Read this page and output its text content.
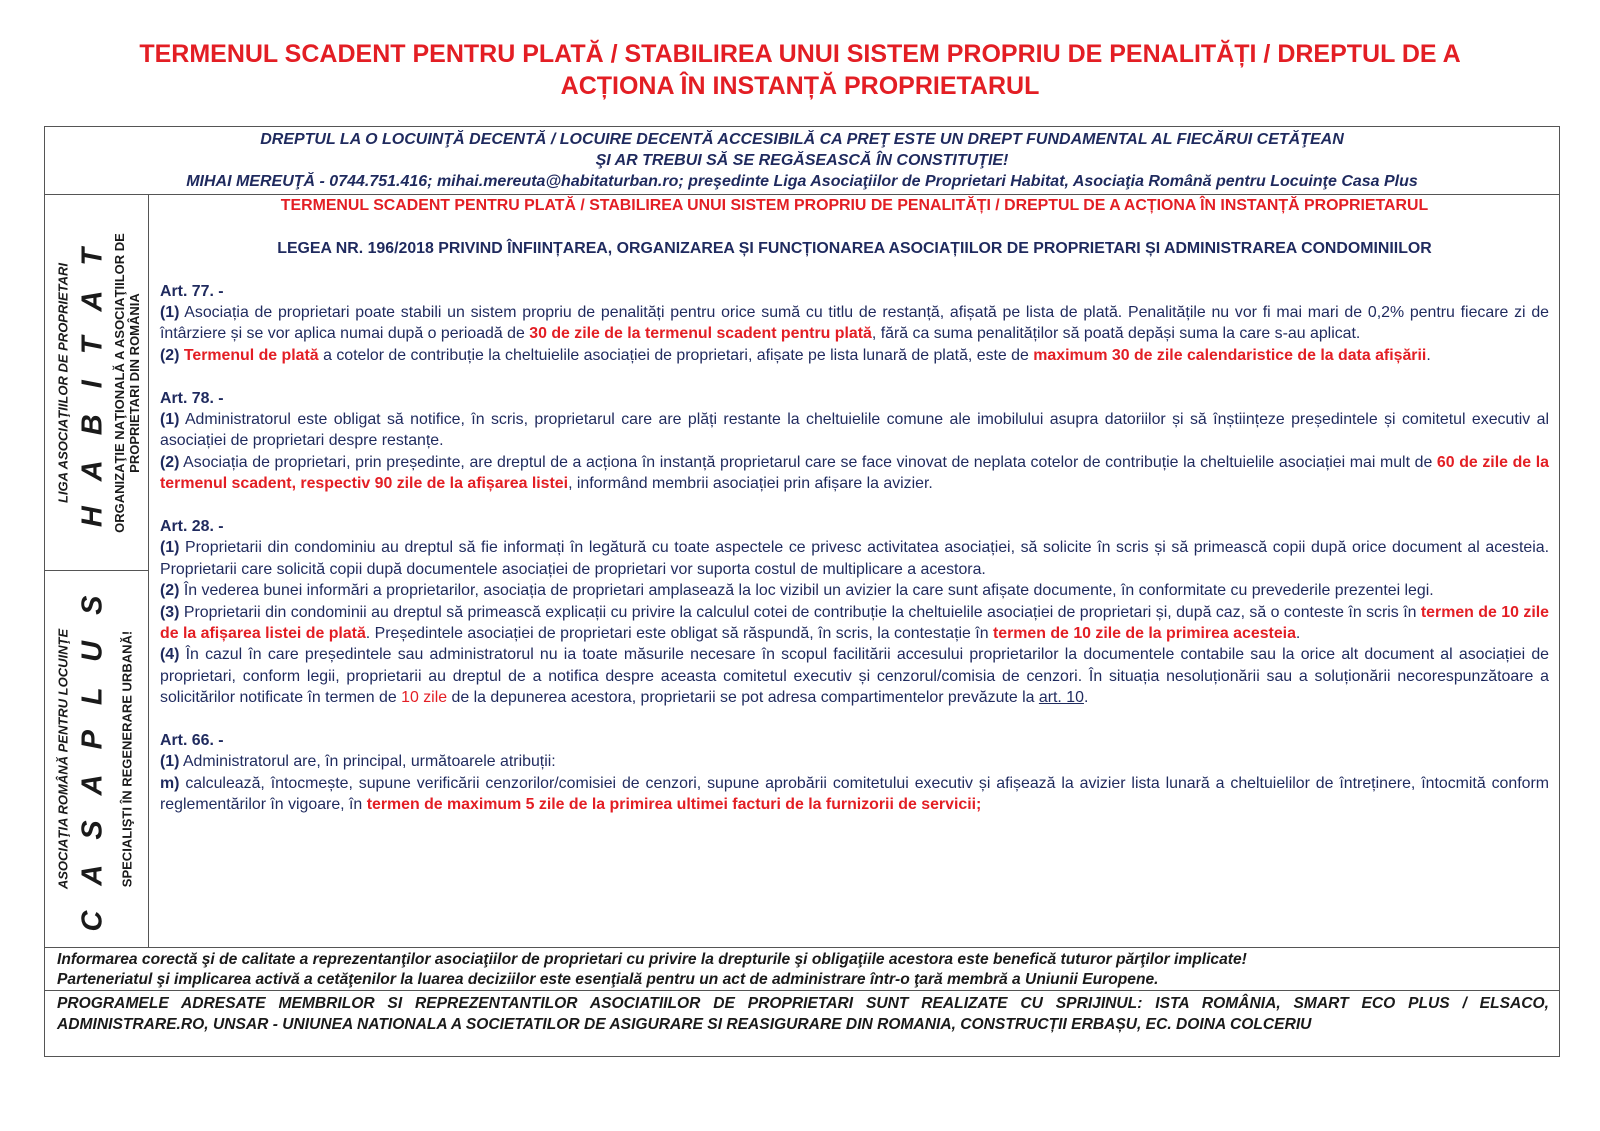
TERMENUL SCADENT PENTRU PLATĂ / STABILIREA UNUI SISTEM PROPRIU DE PENALITĂȚI / DREPTUL DE A
ACȚIONA ÎN INSTANȚĂ PROPRIETARUL
DREPTUL LA O LOCUINŢĂ DECENTĂ / LOCUIRE DECENTĂ ACCESIBILĂ CA PREŢ ESTE UN DREPT FUNDAMENTAL AL FIECĂRUI CETĂŢEAN
ŞI AR TREBUI SĂ SE REGĂSEASCĂ ÎN CONSTITUŢIE!
MIHAI MEREUŢĂ - 0744.751.416; mihai.mereuta@habitaturban.ro; preşedinte Liga Asociaţiilor de Proprietari Habitat, Asociaţia Română pentru Locuinţe Casa Plus
LIGA ASOCIAŢIILOR DE PROPRIETARI H A B I T A T ORGANIZAŢIE NAŢIONALĂ A ASOCIAŢIILOR DE PROPRIETARI DIN ROMÂNIA
ASOCIAŢIA ROMÂNĂ PENTRU LOCUINŢE C A S A P L U S SPECIALIŞTI ÎN REGENERARE URBANĂ!

TERMENUL SCADENT PENTRU PLATĂ / STABILIREA UNUI SISTEM PROPRIU DE PENALITĂȚI / DREPTUL DE A ACȚIONA ÎN INSTANȚĂ PROPRIETARUL

LEGEA NR. 196/2018 PRIVIND ÎNFIINȚAREA, ORGANIZAREA ȘI FUNCȚIONAREA ASOCIAȚIILOR DE PROPRIETARI ȘI ADMINISTRAREA CONDOMINIILOR

Art. 77. -

(1) Asociația de proprietari poate stabili un sistem propriu de penalități pentru orice sumă cu titlu de restanță, afișată pe lista de plată. Penalitățile nu vor fi mai mari de 0,2% pentru fiecare zi de întârziere și se vor aplica numai după o perioadă de 30 de zile de la termenul scadent pentru plată, fără ca suma penalităților să poată depăși suma la care s-au aplicat.

(2) Termenul de plată a cotelor de contribuție la cheltuielile asociației de proprietari, afișate pe lista lunară de plată, este de maximum 30 de zile calendaristice de la data afișării.

Art. 78. -

(1) Administratorul este obligat să notifice, în scris, proprietarul care are plăți restante la cheltuielile comune ale imobilului asupra datoriilor și să înștiințeze președintele și comitetul executiv al asociației de proprietari despre restanțe.

(2) Asociația de proprietari, prin președinte, are dreptul de a acționa în instanță proprietarul care se face vinovat de neplata cotelor de contribuție la cheltuielile asociației mai mult de 60 de zile de la termenul scadent, respectiv 90 zile de la afișarea listei, informând membrii asociației prin afișare la avizier.

Art. 28. -

(1) Proprietarii din condominiu au dreptul să fie informați în legătură cu toate aspectele ce privesc activitatea asociației, să solicite în scris și să primească copii după orice document al acesteia. Proprietarii care solicită copii după documentele asociației de proprietari vor suporta costul de multiplicare a acestora.

(2) În vederea bunei informări a proprietarilor, asociația de proprietari amplasează la loc vizibil un avizier la care sunt afișate documente, în conformitate cu prevederile prezentei legi.

(3) Proprietarii din condominii au dreptul să primească explicații cu privire la calculul cotei de contribuție la cheltuielile asociației de proprietari și, după caz, să o conteste în scris în termen de 10 zile de la afișarea listei de plată. Președintele asociației de proprietari este obligat să răspundă, în scris, la contestație în termen de 10 zile de la primirea acesteia.

(4) În cazul în care președintele sau administratorul nu ia toate măsurile necesare în scopul facilitării accesului proprietarilor la documentele contabile sau la orice alt document al asociației de proprietari, conform legii, proprietarii au dreptul de a notifica despre aceasta comitetul executiv și cenzorul/comisia de cenzori. În situația nesoluționării sau a soluționării necorespunzătoare a solicitărilor notificate în termen de 10 zile de la depunerea acestora, proprietarii se pot adresa compartimentelor prevăzute la art. 10.

Art. 66. -

(1) Administratorul are, în principal, următoarele atribuții:

m) calculează, întocmește, supune verificării cenzorilor/comisiei de cenzori, supune aprobării comitetului executiv și afișează la avizier lista lunară a cheltuielilor de întreținere, întocmită conform reglementărilor în vigoare, în termen de maximum 5 zile de la primirea ultimei facturi de la furnizorii de servicii;

Informarea corectă şi de calitate a reprezentanţilor asociaţiilor de proprietari cu privire la drepturile şi obligaţiile acestora este benefică tuturor părţilor implicate!
Parteneriatul şi implicarea activă a cetăţenilor la luarea deciziilor este esenţială pentru un act de administrare într-o ţară membră a Uniunii Europene.
PROGRAMELE ADRESATE MEMBRILOR SI REPREZENTANTILOR ASOCIATIILOR DE PROPRIETARI SUNT REALIZATE CU SPRIJINUL: ISTA ROMÂNIA, SMART ECO PLUS / ELSACO, ADMINISTRARE.RO, UNSAR - UNIUNEA NATIONALA A SOCIETATILOR DE ASIGURARE SI REASIGURARE DIN ROMANIA, CONSTRUCȚII ERBAȘU, EC. DOINA COLCERIU
